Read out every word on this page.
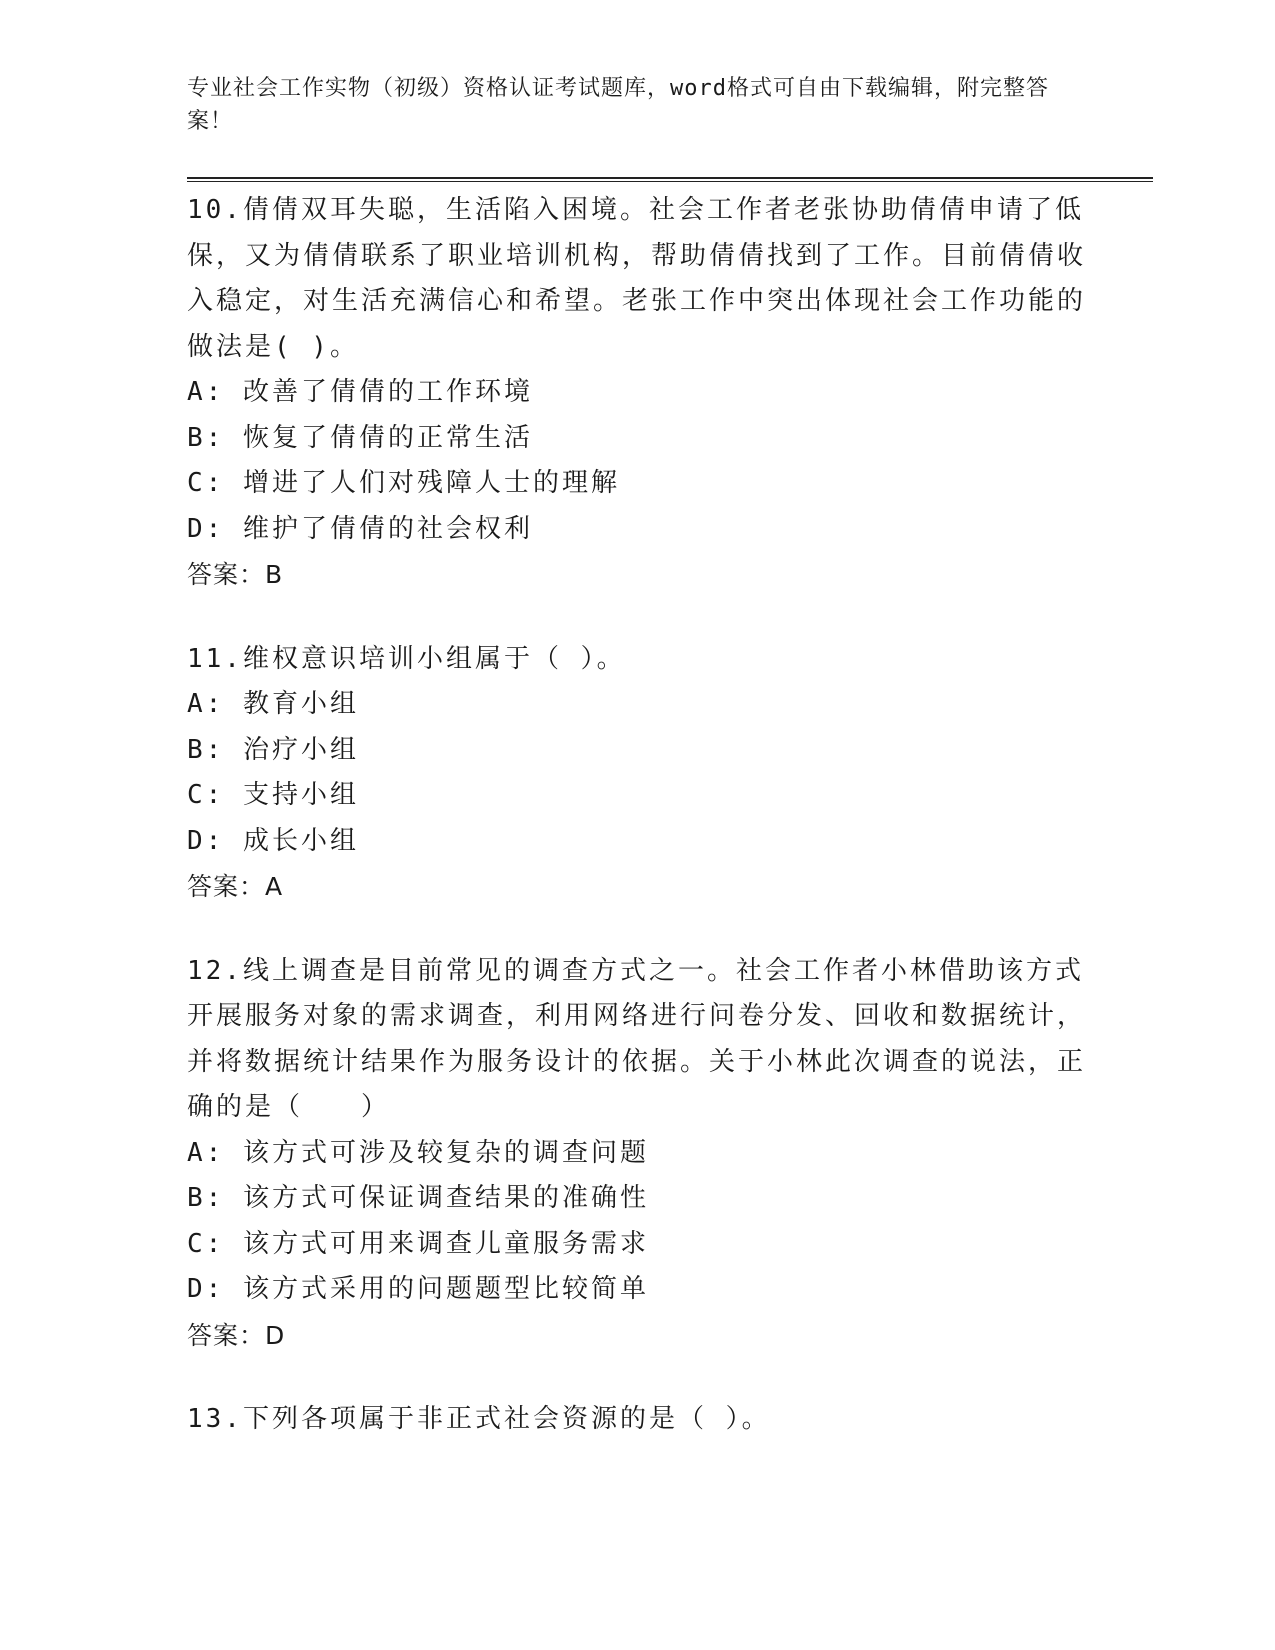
专业社会工作实物（初级）资格认证考试题库，word格式可自由下载编辑，附完整答案！

10.倩倩双耳失聪，生活陷入困境。社会工作者老张协助倩倩申请了低保，又为倩倩联系了职业培训机构，帮助倩倩找到了工作。目前倩倩收入稳定，对生活充满信心和希望。老张工作中突出体现社会工作功能的做法是( )。

A: 改善了倩倩的工作环境

B: 恢复了倩倩的正常生活

C: 增进了人们对残障人士的理解

D: 维护了倩倩的社会权利

答案：B

11.维权意识培训小组属于（ ）。

A: 教育小组

B: 治疗小组

C: 支持小组

D: 成长小组

答案：A

12.线上调查是目前常见的调查方式之一。社会工作者小林借助该方式开展服务对象的需求调查，利用网络进行问卷分发、回收和数据统计，并将数据统计结果作为服务设计的依据。关于小林此次调查的说法，正确的是（　　）

A: 该方式可涉及较复杂的调查问题

B: 该方式可保证调查结果的准确性

C: 该方式可用来调查儿童服务需求

D: 该方式采用的问题题型比较简单

答案：D

13.下列各项属于非正式社会资源的是（ ）。
